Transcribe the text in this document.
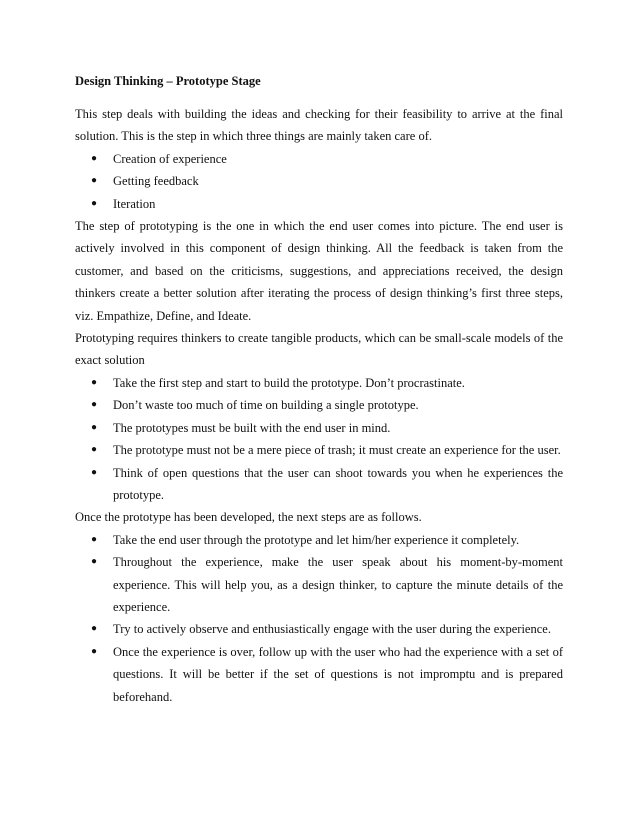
Design Thinking – Prototype Stage

This step deals with building the ideas and checking for their feasibility to arrive at the final solution. This is the step in which three things are mainly taken care of.

● Creation of experience
● Getting feedback
● Iteration

The step of prototyping is the one in which the end user comes into picture. The end user is actively involved in this component of design thinking. All the feedback is taken from the customer, and based on the criticisms, suggestions, and appreciations received, the design thinkers create a better solution after iterating the process of design thinking’s first three steps, viz. Empathize, Define, and Ideate.

Prototyping requires thinkers to create tangible products, which can be small-scale models of the exact solution

● Take the first step and start to build the prototype. Don’t procrastinate.
● Don’t waste too much of time on building a single prototype.
● The prototypes must be built with the end user in mind.
● The prototype must not be a mere piece of trash; it must create an experience for the user.
● Think of open questions that the user can shoot towards you when he experiences the prototype.

Once the prototype has been developed, the next steps are as follows.

● Take the end user through the prototype and let him/her experience it completely.
● Throughout the experience, make the user speak about his moment-by-moment experience. This will help you, as a design thinker, to capture the minute details of the experience.
● Try to actively observe and enthusiastically engage with the user during the experience.
● Once the experience is over, follow up with the user who had the experience with a set of questions. It will be better if the set of questions is not impromptu and is prepared beforehand.
